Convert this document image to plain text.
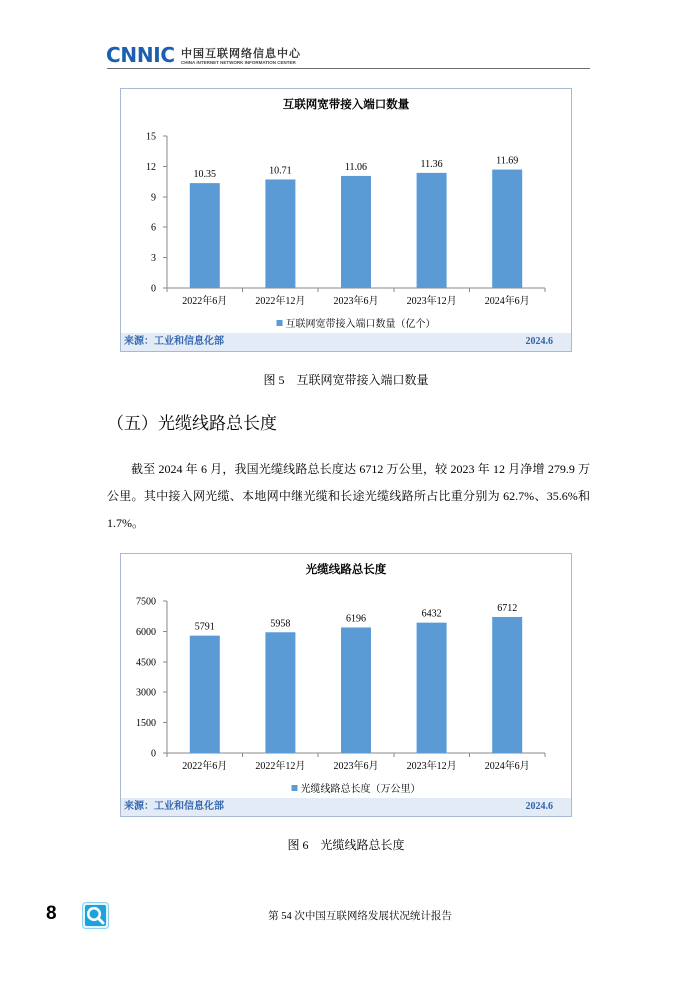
CNNIC 中国互联网络信息中心
CHINA INTERNET NETWORK INFORMATION CENTER
互联网宽带接入端口数量
0
3
6
9
12
15
10.35
2022年6月
10.71
2022年12月
11.06
2023年6月
11.36
2023年12月
11.69
2024年6月
互联网宽带接入端口数量（亿个）
来源：工业和信息化部	2024.6
图 5　互联网宽带接入端口数量
（五）光缆线路总长度

截至 2024 年 6 月，我国光缆线路总长度达 6712 万公里，较 2023 年 12 月净增 279.9 万公里。其中接入网光缆、本地网中继光缆和长途光缆线路所占比重分别为 62.7%、35.6%和1.7%。

光缆线路总长度
0
1500
3000
4500
6000
7500
5791
2022年6月
5958
2022年12月
6196
2023年6月
6432
2023年12月
6712
2024年6月
光缆线路总长度（万公里）
来源：工业和信息化部	2024.6
图 6　光缆线路总长度
8	第 54 次中国互联网络发展状况统计报告
